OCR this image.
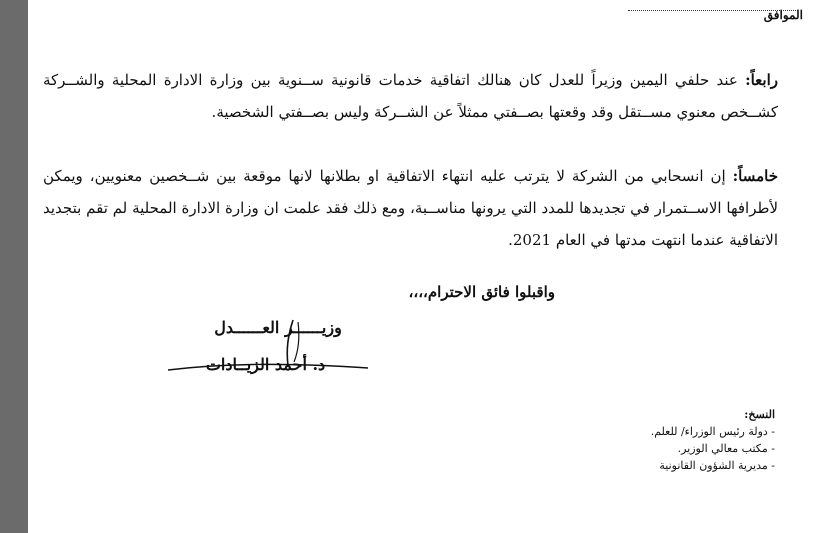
الموافق
رابعاً: عند حلفي اليمين وزيراً للعدل كان هنالك اتفاقية خدمات قانونية ســنوية بين وزارة الادارة المحلية والشــركة كشــخص معنوي مســتقل وقد وقعتها بصــفتي ممثلاً عن الشــركة وليس بصــفتي الشخصية.
خامساً: إن انسحابي من الشركة لا يترتب عليه انتهاء الاتفاقية او بطلانها لانها موقعة بين شــخصين معنويين، ويمكن لأطرافها الاســتمرار في تجديدها للمدد التي يرونها مناســبة، ومع ذلك فقد علمت ان وزارة الادارة المحلية لم تقم بتجديد الاتفاقية عندما انتهت مدتها في العام 2021.
واقبلوا فائق الاحترام،،،،
وزيــــــر العــــــدل
د. أحمد الزيــادات
النسخ:
- دولة رئيس الوزراء/ للعلم.
- مكتب معالي الوزير.
- مديرية الشؤون القانونية
